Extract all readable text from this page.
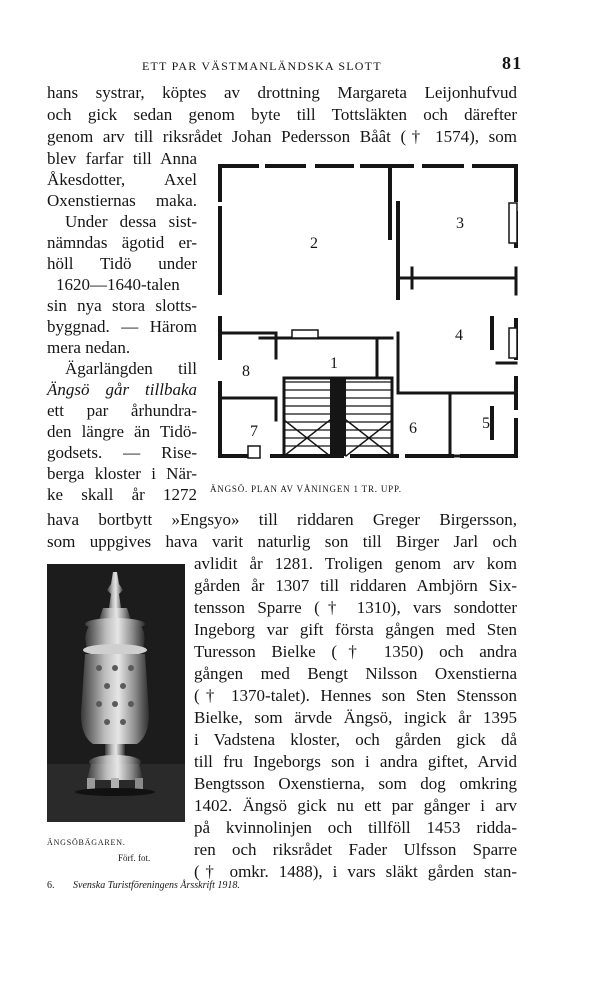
ETT PAR VÄSTMANLÄNDSKA SLOTT	81
hans systrar, köptes av drottning Margareta Leijonhufvud
och gick sedan genom byte till Tottsläkten och därefter
genom arv till riksrådet Johan Pedersson Båât († 1574), som
blev farfar till Anna
Åkesdotter, Axel
Oxenstiernas maka.
Under dessa sist-
nämndas ägotid er-
höll Tidö under
1620—1640-talen
sin nya stora slotts-
byggnad. — Härom
mera nedan.
Ägarlängden till
Ängsö går tillbaka
ett par århundra-
den längre än Tidö-
godsets. — Rise-
berga kloster i När-
ke skall år 1272
1
2
3
4
5
6
7
8
ÄNGSÖ. PLAN AV VÅNINGEN 1 TR. UPP.
hava bortbytt »Engsyo» till riddaren Greger Birgersson,
som uppgives hava varit naturlig son till Birger Jarl och
avlidit år 1281. Troligen genom arv kom
gården år 1307 till riddaren Ambjörn Six-
tensson Sparre († 1310), vars sondotter
Ingeborg var gift första gången med Sten
Turesson Bielke († 1350) och andra
gången med Bengt Nilsson Oxenstierna
(† 1370-talet). Hennes son Sten Stensson
Bielke, som ärvde Ängsö, ingick år 1395
i Vadstena kloster, och gården gick då
till fru Ingeborgs son i andra giftet, Arvid
Bengtsson Oxenstierna, som dog omkring
1402. Ängsö gick nu ett par gånger i arv
på kvinnolinjen och tillföll 1453 ridda-
ren och riksrådet Fader Ulfsson Sparre
(† omkr. 1488), i vars släkt gården stan-
ÄNGSÖBÄGAREN.
Förf. fot.
6. Svenska Turistföreningens Årsskrift 1918.
